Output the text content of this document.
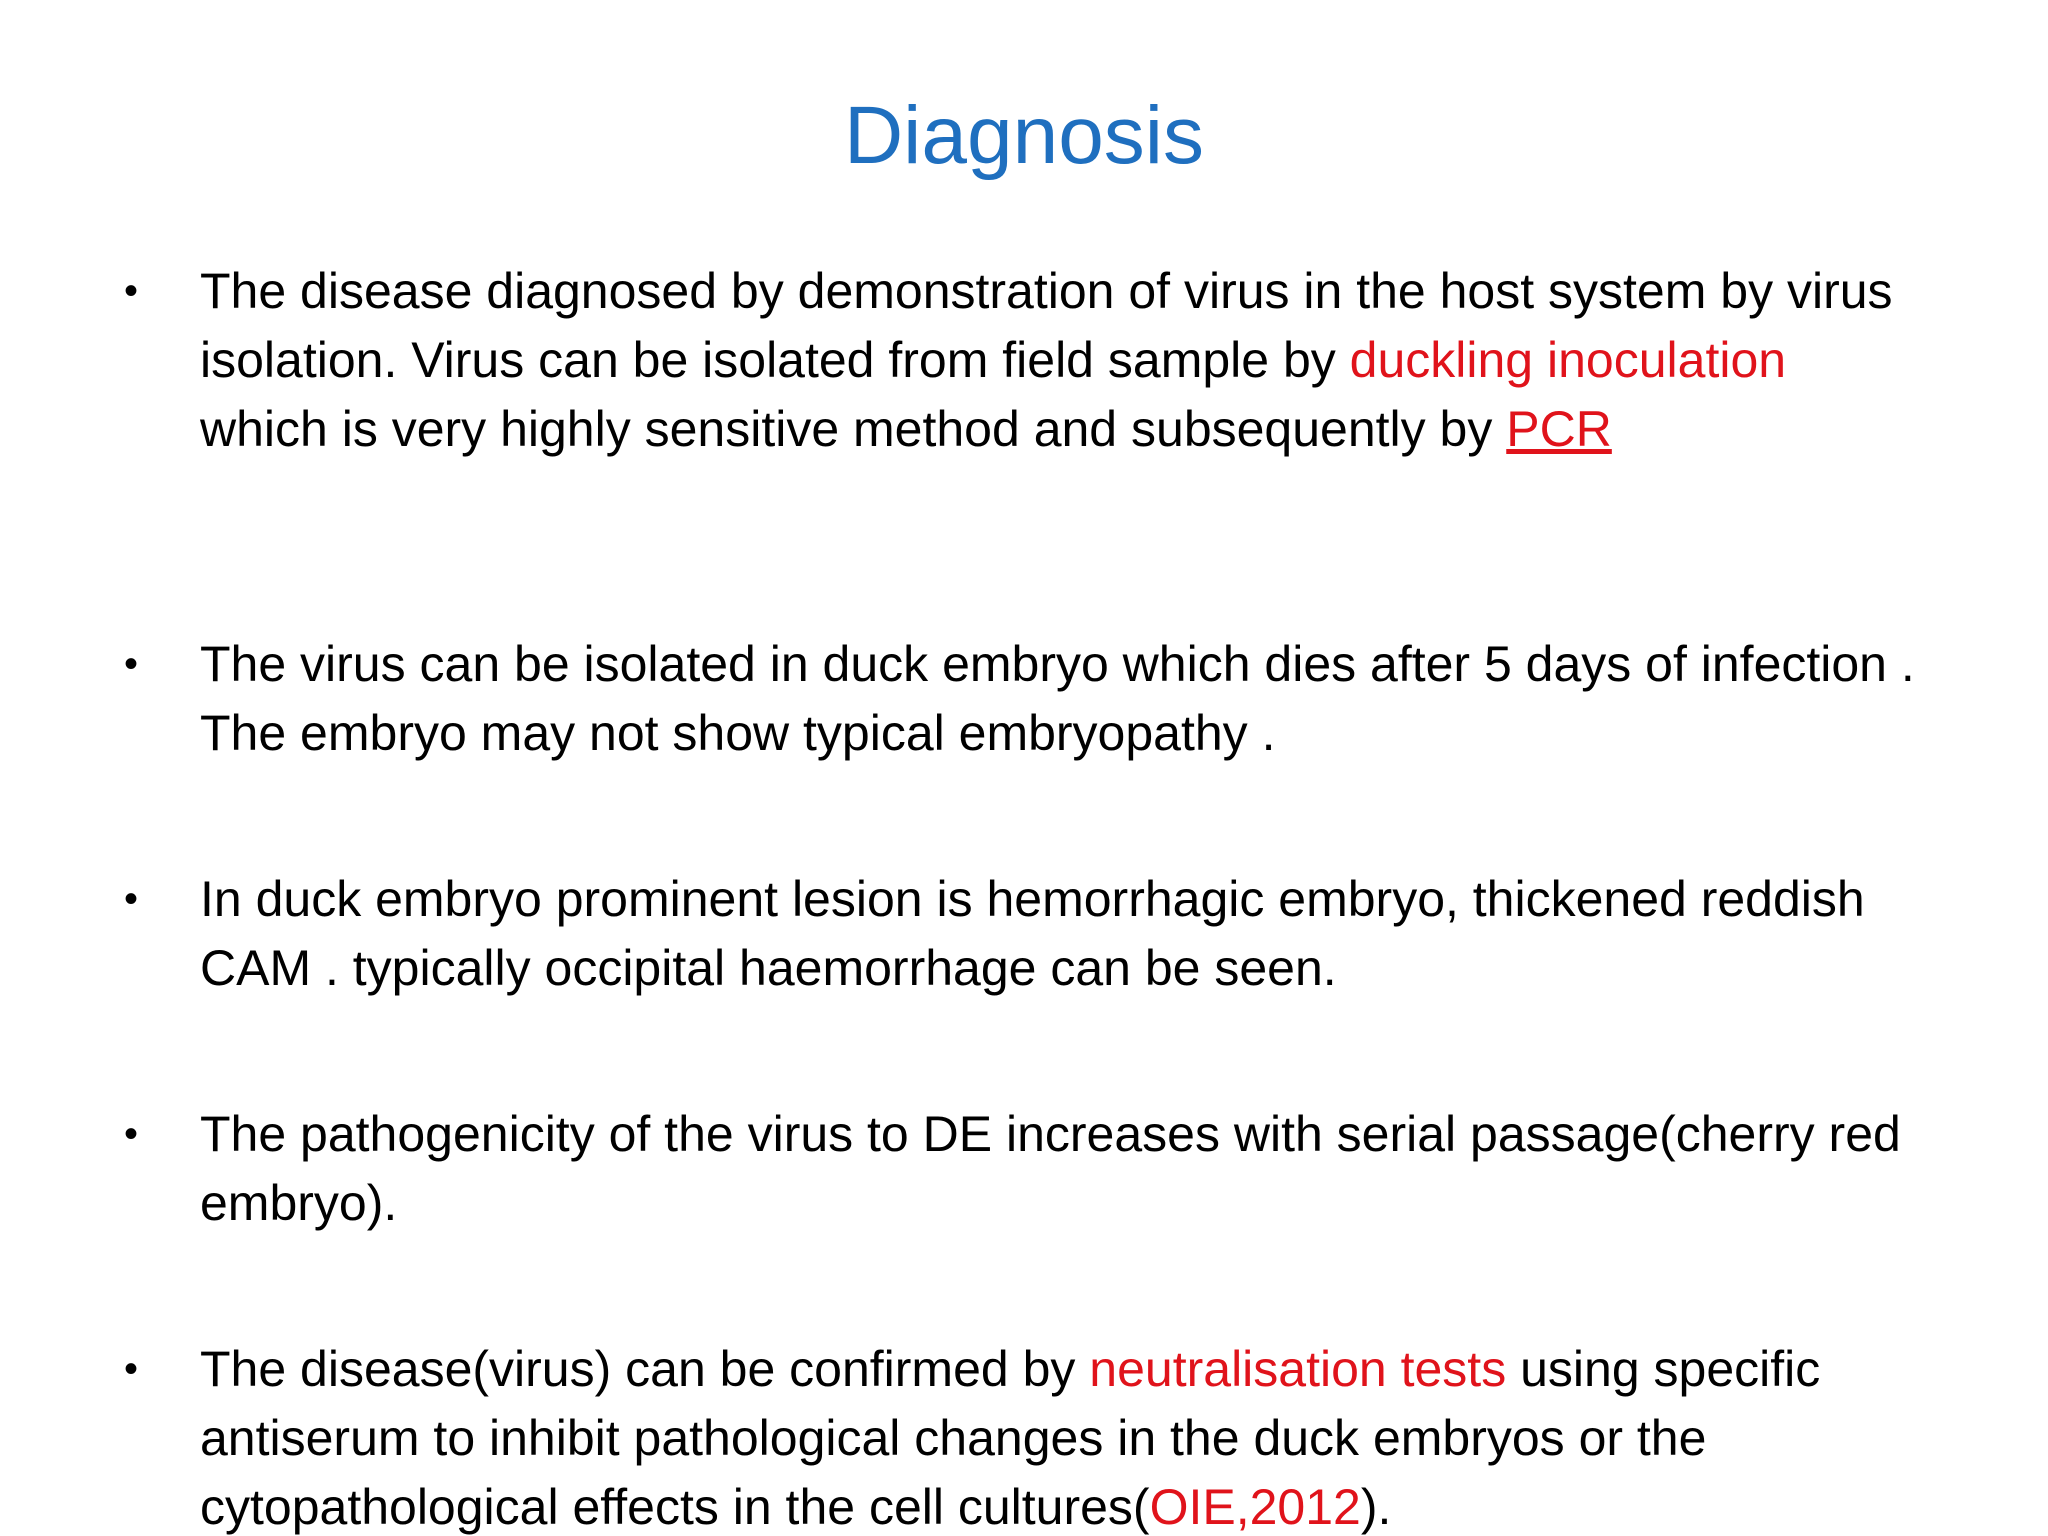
Diagnosis
• The disease diagnosed by demonstration of virus in the host system by virus isolation. Virus can be isolated from field sample by duckling inoculation which is very highly sensitive method and subsequently by PCR
• The virus can be isolated in duck embryo which dies after 5 days of infection . The embryo may not show typical embryopathy .
• In duck embryo prominent lesion is hemorrhagic embryo, thickened reddish CAM . typically occipital haemorrhage can be seen.
• The pathogenicity of the virus to DE increases with serial passage(cherry red embryo).
• The disease(virus) can be confirmed by neutralisation tests using specific antiserum to inhibit pathological changes in the duck embryos or the cytopathological effects in the cell cultures(OIE,2012).
